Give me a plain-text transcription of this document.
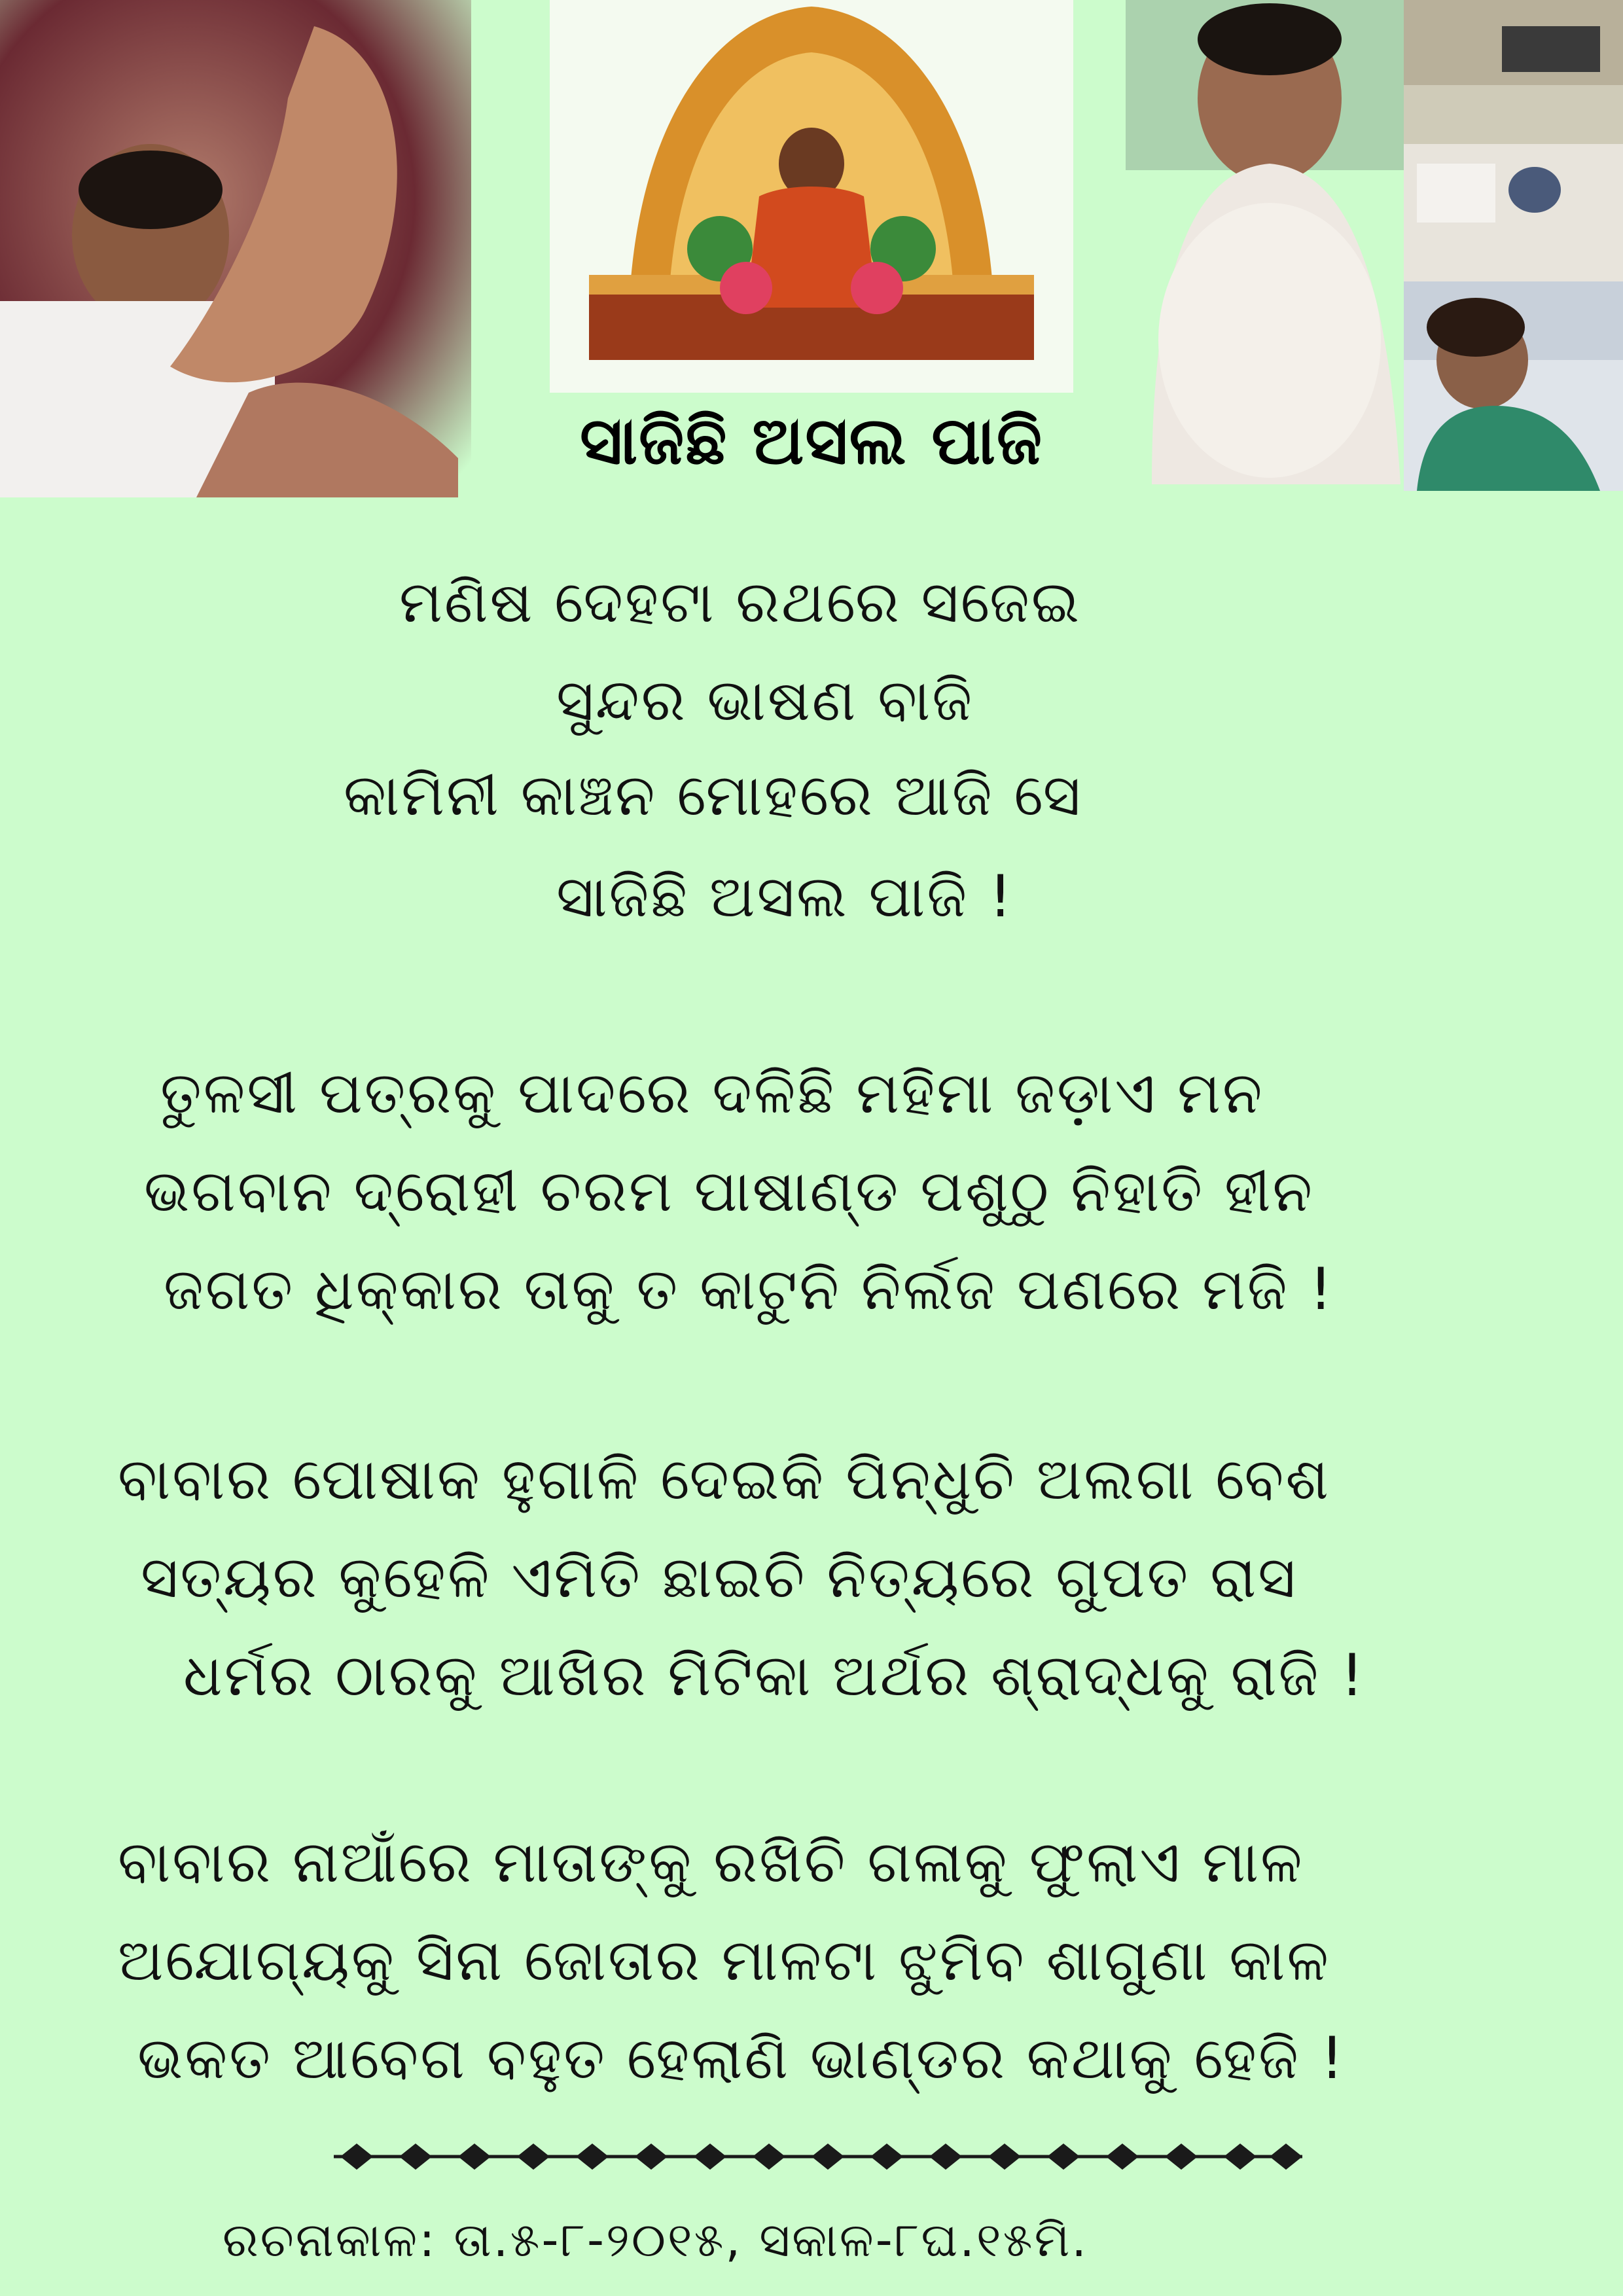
ସାଜିଛି ଅସଲ ପାଜି
ମଣିଷ ଦେହଟା ରଥରେ ସଜେଇ
ସୁନ୍ଦର ଭାଷଣ ବାଜି
କାମିନୀ କାଞ୍ଚନ ମୋହରେ ଆଜି ସେ
ସାଜିଛି ଅସଲ ପାଜି !
ତୁଳସୀ ପତ୍ରକୁ ପାଦରେ ଦଳିଛି ମହିମା ଜଡ଼ାଏ ମନ
ଭଗବାନ ଦ୍ରୋହୀ ଚରମ ପାଷାଣ୍ଡ ପଶୁଠୁ ନିହାତି ହୀନ
ଜଗତ ଧିକ୍କାର ତାକୁ ତ କାଟୁନି ନିର୍ଲଜ ପଣରେ ମଜି !
ବାବାର ପୋଷାକ ହୁଗାଳି ଦେଇକି ପିନ୍ଧୁଚି ଅଲଗା ବେଶ
ସତ୍ୟର କୁହେଳି ଏମିତି ଛାଇଚି ନିତ୍ୟରେ ଗୁପତ ରାସ
ଧର୍ମର ଠାରକୁ ଆଖିର ମିଟିକା ଅର୍ଥର ଶ୍ରାଦ୍ଧକୁ ରାଜି !
ବାବାର ନାଆଁରେ ମାତାଙ୍କୁ ରଖିଚି ଗଳାକୁ ଫୁଲାଏ ମାଳ
ଅଯୋଗ୍ୟକୁ ସିନା ଜୋତାର ମାଳଟା ଝୁମିବ ଶାଗୁଣା କାଳ
ଭକତ ଆବେଗ ବହୁତ ହେଲାଣି ଭାଣ୍ଡର କଥାକୁ ହେଜି !
ରଚନାକାଳ: ତା.୫-୮-୨୦୧୫, ସକାଳ-୮ଘ.୧୫ମି.
